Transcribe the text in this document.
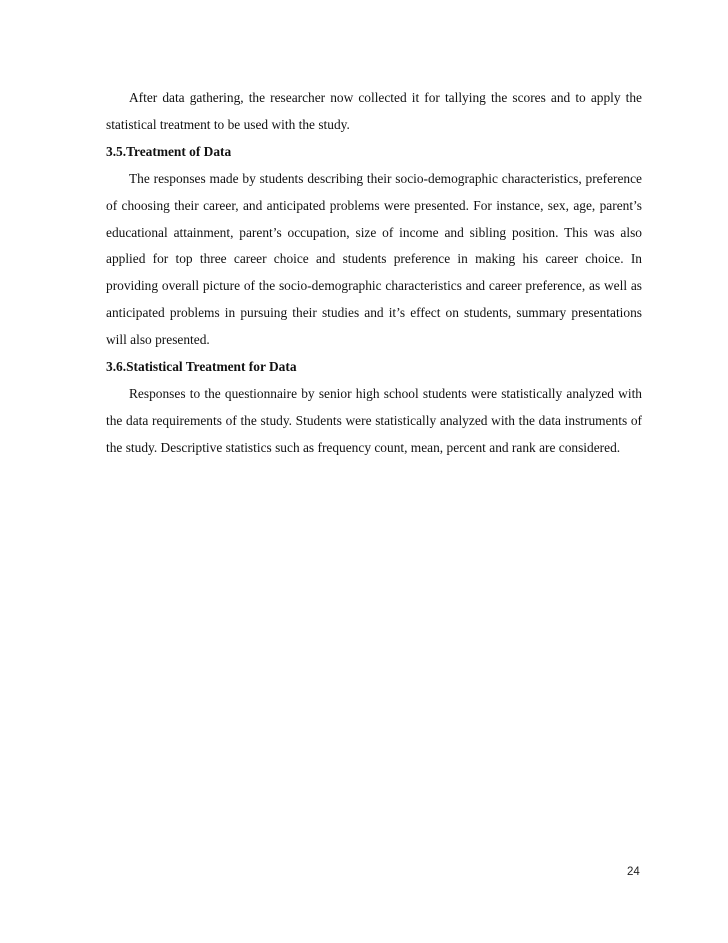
After data gathering, the researcher now collected it for tallying the scores and to apply the statistical treatment to be used with the study.

3.5.Treatment of Data

The responses made by students describing their socio-demographic characteristics, preference of choosing their career, and anticipated problems were presented. For instance, sex, age, parent’s educational attainment, parent’s occupation, size of income and sibling position. This was also applied for top three career choice and students preference in making his career choice. In providing overall picture of the socio-demographic characteristics and career preference, as well as anticipated problems in pursuing their studies and it’s effect on students, summary presentations will also presented.

3.6.Statistical Treatment for Data

Responses to the questionnaire by senior high school students were statistically analyzed with the data requirements of the study. Students were statistically analyzed with the data instruments of the study. Descriptive statistics such as frequency count, mean, percent and rank are considered.

24
